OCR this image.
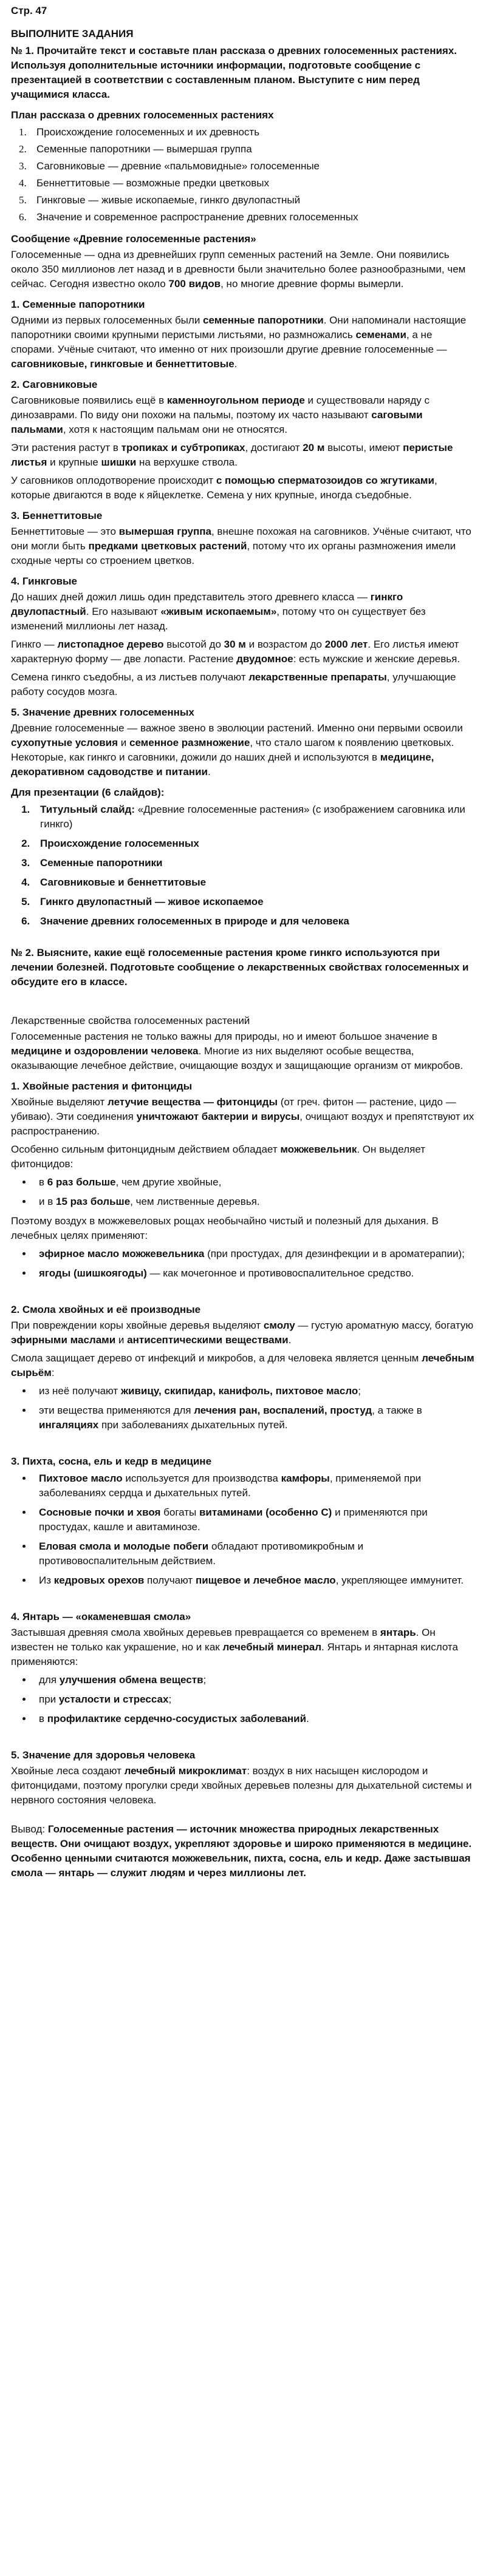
Стр. 47
ВЫПОЛНИТЕ ЗАДАНИЯ
№ 1. Прочитайте текст и составьте план рассказа о древних голосеменных растениях. Используя дополнительные источники информации, подготовьте сообщение с презентацией в соответствии с составленным планом. Выступите с ним перед учащимися класса.
План рассказа о древних голосеменных растениях
1. Происхождение голосеменных и их древность
2. Семенные папоротники — вымершая группа
3. Саговниковые — древние «пальмовидные» голосеменные
4. Беннеттитовые — возможные предки цветковых
5. Гинкговые — живые ископаемые, гинкго двулопастный
6. Значение и современное распространение древних голосеменных
Сообщение «Древние голосеменные растения»

Голосеменные — одна из древнейших групп семенных растений на Земле. Они появились около 350 миллионов лет назад и в древности были значительно более разнообразными, чем сейчас. Сегодня известно около 700 видов, но многие древние формы вымерли.

1. Семенные папоротники

Одними из первых голосеменных были семенные папоротники. Они напоминали настоящие папоротники своими крупными перистыми листьями, но размножались семенами, а не спорами. Учёные считают, что именно от них произошли другие древние голосеменные — саговниковые, гинкговые и беннеттитовые.

2. Саговниковые

Саговниковые появились ещё в каменноугольном периоде и существовали наряду с динозаврами. По виду они похожи на пальмы, поэтому их часто называют саговыми пальмами, хотя к настоящим пальмам они не относятся.

Эти растения растут в тропиках и субтропиках, достигают 20 м высоты, имеют перистые листья и крупные шишки на верхушке ствола.

У саговников оплодотворение происходит с помощью сперматозоидов со жгутиками, которые двигаются в воде к яйцеклетке. Семена у них крупные, иногда съедобные.

3. Беннеттитовые

Беннеттитовые — это вымершая группа, внешне похожая на саговников. Учёные считают, что они могли быть предками цветковых растений, потому что их органы размножения имели сходные черты со строением цветков.

4. Гинкговые

До наших дней дожил лишь один представитель этого древнего класса — гинкго двулопастный. Его называют «живым ископаемым», потому что он существует без изменений миллионы лет назад.

Гинкго — листопадное дерево высотой до 30 м и возрастом до 2000 лет. Его листья имеют характерную форму — две лопасти. Растение двудомное: есть мужские и женские деревья.

Семена гинкго съедобны, а из листьев получают лекарственные препараты, улучшающие работу сосудов мозга.

5. Значение древних голосеменных

Древние голосеменные — важное звено в эволюции растений. Именно они первыми освоили сухопутные условия и семенное размножение, что стало шагом к появлению цветковых. Некоторые, как гинкго и саговники, дожили до наших дней и используются в медицине, декоративном садоводстве и питании.

Для презентации (6 слайдов):
1. Титульный слайд: «Древние голосеменные растения» (с изображением саговника или гинкго)
2. Происхождение голосеменных
3. Семенные папоротники
4. Саговниковые и беннеттитовые
5. Гинкго двулопастный — живое ископаемое
6. Значение древних голосеменных в природе и для человека
№ 2. Выясните, какие ещё голосеменные растения кроме гинкго используются при лечении болезней. Подготовьте сообщение о лекарственных свойствах голосеменных и обсудите его в классе.
Лекарственные свойства голосеменных растений

Голосеменные растения не только важны для природы, но и имеют большое значение в медицине и оздоровлении человека. Многие из них выделяют особые вещества, оказывающие лечебное действие, очищающие воздух и защищающие организм от микробов.

1. Хвойные растения и фитонциды

Хвойные выделяют летучие вещества — фитонциды (от греч. фитон — растение, цидо — убиваю). Эти соединения уничтожают бактерии и вирусы, очищают воздух и препятствуют их распространению.

Особенно сильным фитонцидным действием обладает можжевельник. Он выделяет фитонцидов:

• в 6 раз больше, чем другие хвойные,
• и в 15 раз больше, чем лиственные деревья.

Поэтому воздух в можжевеловых рощах необычайно чистый и полезный для дыхания. В лечебных целях применяют:

• эфирное масло можжевельника (при простудах, для дезинфекции и в ароматерапии);
• ягоды (шишкоягоды) — как мочегонное и противовоспалительное средство.
2. Смола хвойных и её производные

При повреждении коры хвойные деревья выделяют смолу — густую ароматную массу, богатую эфирными маслами и антисептическими веществами.

Смола защищает дерево от инфекций и микробов, а для человека является ценным лечебным сырьём:

• из неё получают живицу, скипидар, канифоль, пихтовое масло;
• эти вещества применяются для лечения ран, воспалений, простуд, а также в ингаляциях при заболеваниях дыхательных путей.
3. Пихта, сосна, ель и кедр в медицине
• Пихтовое масло используется для производства камфоры, применяемой при заболеваниях сердца и дыхательных путей.
• Сосновые почки и хвоя богаты витаминами (особенно С) и применяются при простудах, кашле и авитаминозе.
• Еловая смола и молодые побеги обладают противомикробным и противовоспалительным действием.
• Из кедровых орехов получают пищевое и лечебное масло, укрепляющее иммунитет.
4. Янтарь — «окаменевшая смола»

Застывшая древняя смола хвойных деревьев превращается со временем в янтарь. Он известен не только как украшение, но и как лечебный минерал. Янтарь и янтарная кислота применяются:

• для улучшения обмена веществ;
• при усталости и стрессах;
• в профилактике сердечно-сосудистых заболеваний.
5. Значение для здоровья человека

Хвойные леса создают лечебный микроклимат: воздух в них насыщен кислородом и фитонцидами, поэтому прогулки среди хвойных деревьев полезны для дыхательной системы и нервного состояния человека.

Вывод: Голосеменные растения — источник множества природных лекарственных веществ. Они очищают воздух, укрепляют здоровье и широко применяются в медицине. Особенно ценными считаются можжевельник, пихта, сосна, ель и кедр. Даже застывшая смола — янтарь — служит людям и через миллионы лет.
